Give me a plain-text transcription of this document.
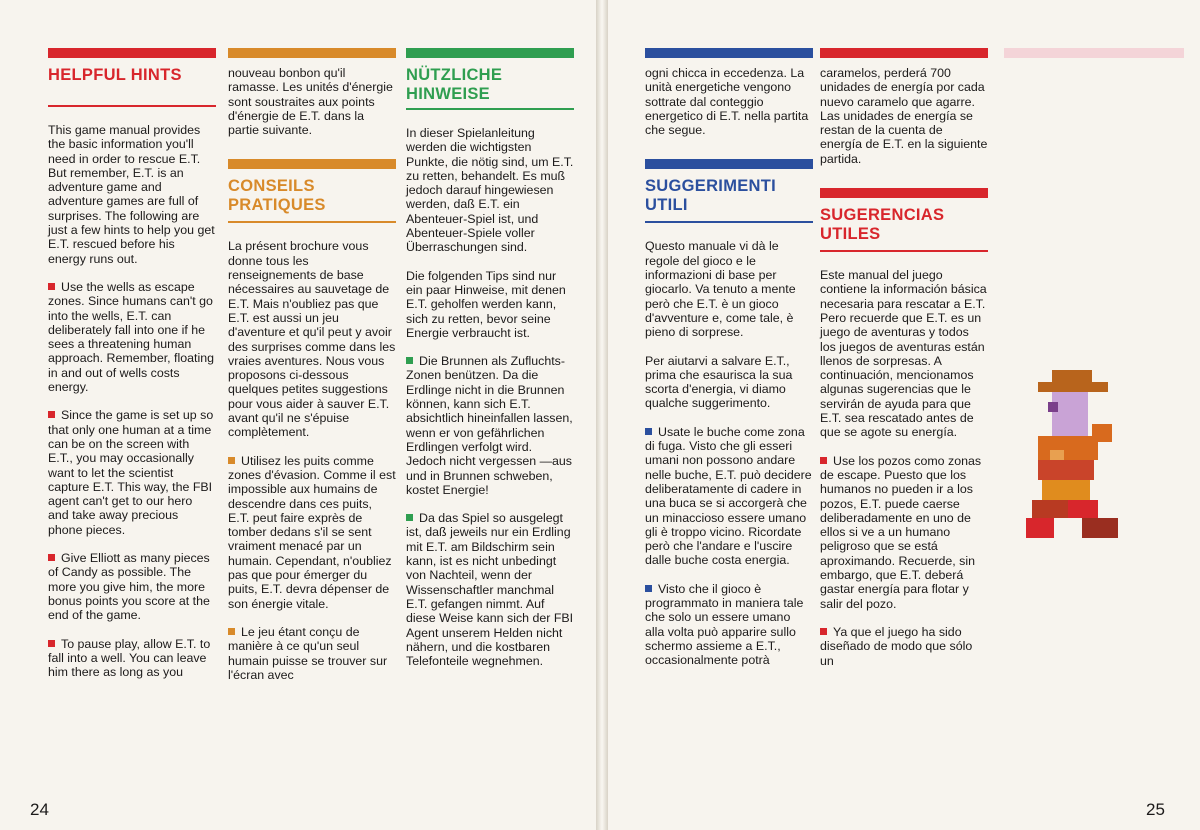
HELPFUL HINTS

This game manual provides the basic information you'll need in order to rescue E.T. But remember, E.T. is an adventure game and adventure games are full of surprises. The following are just a few hints to help you get E.T. rescued before his energy runs out.

Use the wells as escape zones. Since humans can't go into the wells, E.T. can deliberately fall into one if he sees a threatening human approach. Remember, floating in and out of wells costs energy.

Since the game is set up so that only one human at a time can be on the screen with E.T., you may occasionally want to let the scientist capture E.T. This way, the FBI agent can't get to our hero and take away precious phone pieces.

Give Elliott as many pieces of Candy as possible. The more you give him, the more bonus points you score at the end of the game.

To pause play, allow E.T. to fall into a well. You can leave him there as long as you

nouveau bonbon qu'il ramasse. Les unités d'énergie sont soustraites aux points d'énergie de E.T. dans la partie suivante.

CONSEILS PRATIQUES

La présent brochure vous donne tous les renseignements de base nécessaires au sauvetage de E.T. Mais n'oubliez pas que E.T. est aussi un jeu d'aventure et qu'il peut y avoir des surprises comme dans les vraies aventures. Nous vous proposons ci-dessous quelques petites suggestions pour vous aider à sauver E.T. avant qu'il ne s'épuise complètement.

Utilisez les puits comme zones d'évasion. Comme il est impossible aux humains de descendre dans ces puits, E.T. peut faire exprès de tomber dedans s'il se sent vraiment menacé par un humain. Cependant, n'oubliez pas que pour émerger du puits, E.T. devra dépenser de son énergie vitale.

Le jeu étant conçu de manière à ce qu'un seul humain puisse se trouver sur l'écran avec

NÜTZLICHE HINWEISE

In dieser Spielanleitung werden die wichtigsten Punkte, die nötig sind, um E.T. zu retten, behandelt. Es muß jedoch darauf hingewiesen werden, daß E.T. ein Abenteuer-Spiel ist, und Abenteuer-Spiele voller Überraschungen sind.

Die folgenden Tips sind nur ein paar Hinweise, mit denen E.T. geholfen werden kann, sich zu retten, bevor seine Energie verbraucht ist.

Die Brunnen als Zufluchts-Zonen benützen. Da die Erdlinge nicht in die Brunnen können, kann sich E.T. absichtlich hineinfallen lassen, wenn er von gefährlichen Erdlingen verfolgt wird. Jedoch nicht vergessen —aus und in Brunnen schweben, kostet Energie!

Da das Spiel so ausgelegt ist, daß jeweils nur ein Erdling mit E.T. am Bildschirm sein kann, ist es nicht unbedingt von Nachteil, wenn der Wissenschaftler manchmal E.T. gefangen nimmt. Auf diese Weise kann sich der FBI Agent unserem Helden nicht nähern, und die kostbaren Telefonteile wegnehmen.

24

ogni chicca in eccedenza. La unità energetiche vengono sottrate dal conteggio energetico di E.T. nella partita che segue.

SUGGERIMENTI UTILI

Questo manuale vi dà le regole del gioco e le informazioni di base per giocarlo. Va tenuto a mente però che E.T. è un gioco d'avventure e, come tale, è pieno di sorprese.

Per aiutarvi a salvare E.T., prima che esaurisca la sua scorta d'energia, vi diamo qualche suggerimento.

Usate le buche come zona di fuga. Visto che gli esseri umani non possono andare nelle buche, E.T. può decidere deliberatamente di cadere in una buca se si accorgerà che un minaccioso essere umano gli è troppo vicino. Ricordate però che l'andare e l'uscire dalle buche costa energia.

Visto che il gioco è programmato in maniera tale che solo un essere umano alla volta può apparire sullo schermo assieme a E.T., occasionalmente potrà

caramelos, perderá 700 unidades de energía por cada nuevo caramelo que agarre. Las unidades de energía se restan de la cuenta de energía de E.T. en la siguiente partida.

SUGERENCIAS UTILES

Este manual del juego contiene la información básica necesaria para rescatar a E.T. Pero recuerde que E.T. es un juego de aventuras y todos los juegos de aventuras están llenos de sorpresas. A continuación, mencionamos algunas sugerencias que le servirán de ayuda para que E.T. sea rescatado antes de que se agote su energía.

Use los pozos como zonas de escape. Puesto que los humanos no pueden ir a los pozos, E.T. puede caerse deliberadamente en uno de ellos si ve a un humano peligroso que se está aproximando. Recuerde, sin embargo, que E.T. deberá gastar energía para flotar y salir del pozo.

Ya que el juego ha sido diseñado de modo que sólo un

25
